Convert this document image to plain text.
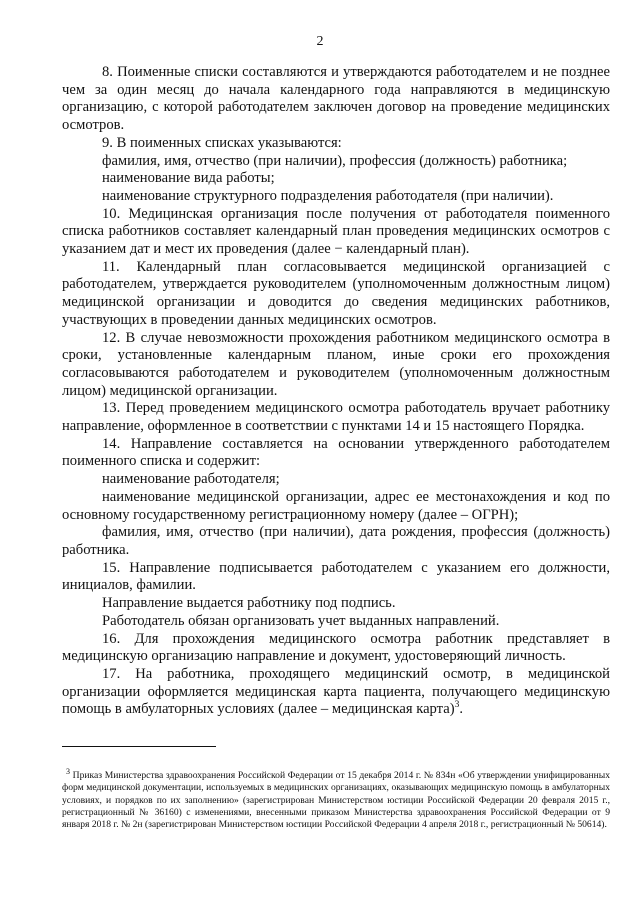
2

8. Поименные списки составляются и утверждаются работодателем и не позднее чем за один месяц до начала календарного года направляются в медицинскую организацию, с которой работодателем заключен договор на проведение медицинских осмотров.

9. В поименных списках указываются:

фамилия, имя, отчество (при наличии), профессия (должность) работника;

наименование вида работы;

наименование структурного подразделения работодателя (при наличии).

10. Медицинская организация после получения от работодателя поименного списка работников составляет календарный план проведения медицинских осмотров с указанием дат и мест их проведения (далее − календарный план).

11. Календарный план согласовывается медицинской организацией с работодателем, утверждается руководителем (уполномоченным должностным лицом) медицинской организации и доводится до сведения медицинских работников, участвующих в проведении данных медицинских осмотров.

12. В случае невозможности прохождения работником медицинского осмотра в сроки, установленные календарным планом, иные сроки его прохождения согласовываются работодателем и руководителем (уполномоченным должностным лицом) медицинской организации.

13. Перед проведением медицинского осмотра работодатель вручает работнику направление, оформленное в соответствии с пунктами 14 и 15 настоящего Порядка.

14. Направление составляется на основании утвержденного работодателем поименного списка и содержит:

наименование работодателя;

наименование медицинской организации, адрес ее местонахождения и код по основному государственному регистрационному номеру (далее – ОГРН);

фамилия, имя, отчество (при наличии), дата рождения, профессия (должность) работника.

15. Направление подписывается работодателем с указанием его должности, инициалов, фамилии.

Направление выдается работнику под подпись.

Работодатель обязан организовать учет выданных направлений.

16. Для прохождения медицинского осмотра работник представляет в медицинскую организацию направление и документ, удостоверяющий личность.

17. На работника, проходящего медицинский осмотр, в медицинской организации оформляется медицинская карта пациента, получающего медицинскую помощь в амбулаторных условиях (далее – медицинская карта)$^3$.

$^3$ Приказ Министерства здравоохранения Российской Федерации от 15 декабря 2014 г. № 834н «Об утверждении унифицированных форм медицинской документации, используемых в медицинских организациях, оказывающих медицинскую помощь в амбулаторных условиях, и порядков по их заполнению» (зарегистрирован Министерством юстиции Российской Федерации 20 февраля 2015 г., регистрационный № 36160) с изменениями, внесенными приказом Министерства здравоохранения Российской Федерации от 9 января 2018 г. № 2н (зарегистрирован Министерством юстиции Российской Федерации 4 апреля 2018 г., регистрационный № 50614).
